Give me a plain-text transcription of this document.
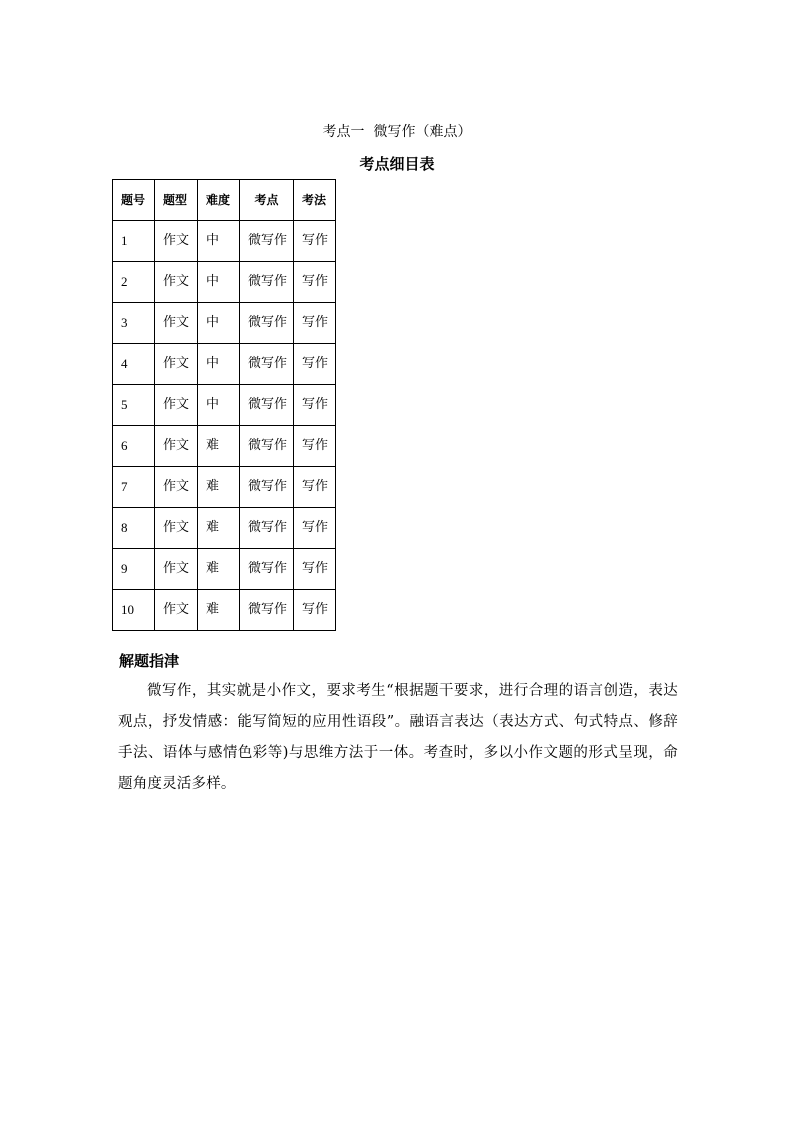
考点一  微写作（难点）
考点细目表
题号	题型	难度	考点	考法
1	作文	中	微写作	写作
2	作文	中	微写作	写作
3	作文	中	微写作	写作
4	作文	中	微写作	写作
5	作文	中	微写作	写作
6	作文	难	微写作	写作
7	作文	难	微写作	写作
8	作文	难	微写作	写作
9	作文	难	微写作	写作
10	作文	难	微写作	写作
解题指津
微写作，其实就是小作文，要求考生“根据题干要求，进行合理的语言创造，表达观点，抒发情感：能写简短的应用性语段”。融语言表达（表达方式、句式特点、修辞手法、语体与感情色彩等)与思维方法于一体。考查时，多以小作文题的形式呈现，命题角度灵活多样。
